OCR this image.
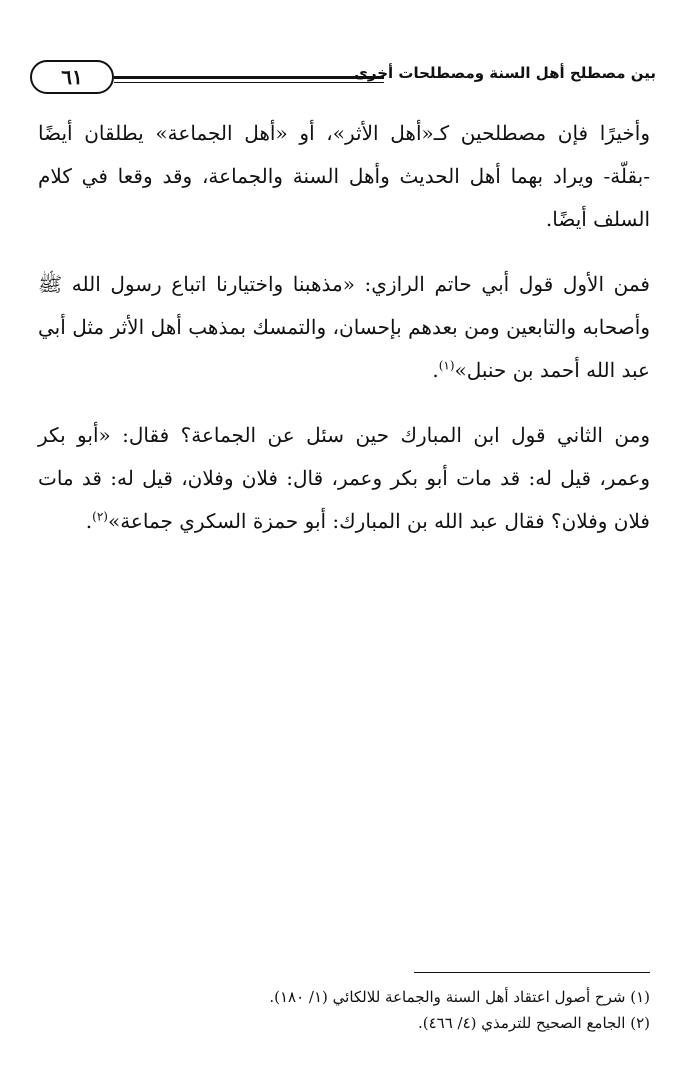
٦١	بين مصطلح أهل السنة ومصطلحات أخرى

وأخيرًا فإن مصطلحين كـ«أهل الأثر»، أو «أهل الجماعة» يطلقان أيضًا -بقلّة- ويراد بهما أهل الحديث وأهل السنة والجماعة، وقد وقعا في كلام السلف أيضًا.

فمن الأول قول أبي حاتم الرازي: «مذهبنا واختيارنا اتباع رسول الله ﷺ وأصحابه والتابعين ومن بعدهم بإحسان، والتمسك بمذهب أهل الأثر مثل أبي عبد الله أحمد بن حنبل»$^{(١)}$.

ومن الثاني قول ابن المبارك حين سئل عن الجماعة؟ فقال: «أبو بكر وعمر، قيل له: قد مات أبو بكر وعمر، قال: فلان وفلان، قيل له: قد مات فلان وفلان؟ فقال عبد الله بن المبارك: أبو حمزة السكري جماعة»$^{(٢)}$.

(١) شرح أصول اعتقاد أهل السنة والجماعة للالكائي (١/ ١٨٠).
(٢) الجامع الصحيح للترمذي (٤/ ٤٦٦).
